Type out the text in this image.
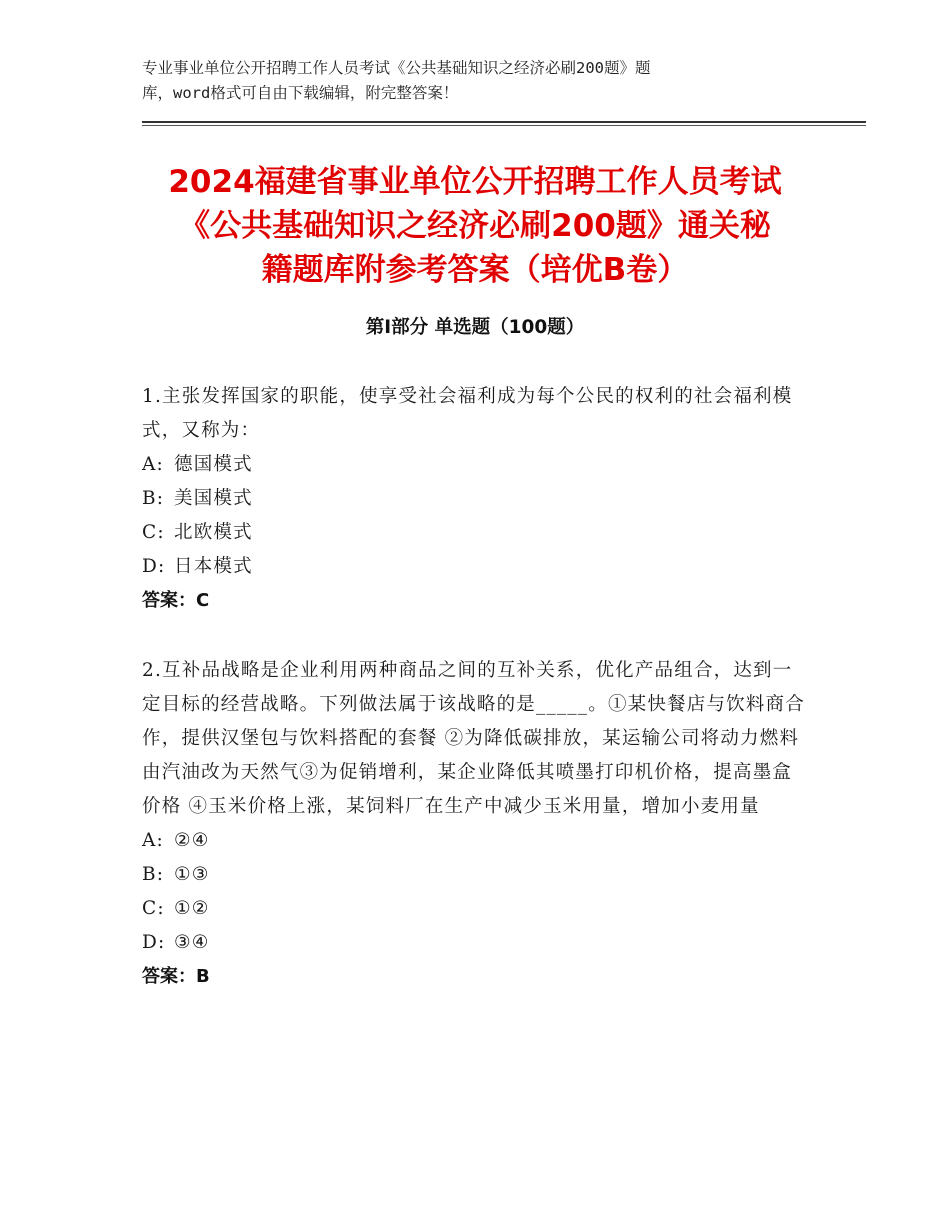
专业事业单位公开招聘工作人员考试《公共基础知识之经济必刷200题》题
库，word格式可自由下载编辑，附完整答案！
2024福建省事业单位公开招聘工作人员考试
《公共基础知识之经济必刷200题》通关秘
籍题库附参考答案（培优B卷）
第Ⅰ部分 单选题（100题）

1.主张发挥国家的职能，使享受社会福利成为每个公民的权利的社会福利模式，又称为：

A: 德国模式

B: 美国模式

C: 北欧模式

D: 日本模式

答案：C

2.互补品战略是企业利用两种商品之间的互补关系，优化产品组合，达到一定目标的经营战略。下列做法属于该战略的是_____。①某快餐店与饮料商合作，提供汉堡包与饮料搭配的套餐 ②为降低碳排放，某运输公司将动力燃料由汽油改为天然气③为促销增利，某企业降低其喷墨打印机价格，提高墨盒价格 ④玉米价格上涨，某饲料厂在生产中减少玉米用量，增加小麦用量

A: ②④

B: ①③

C: ①②

D: ③④

答案：B
